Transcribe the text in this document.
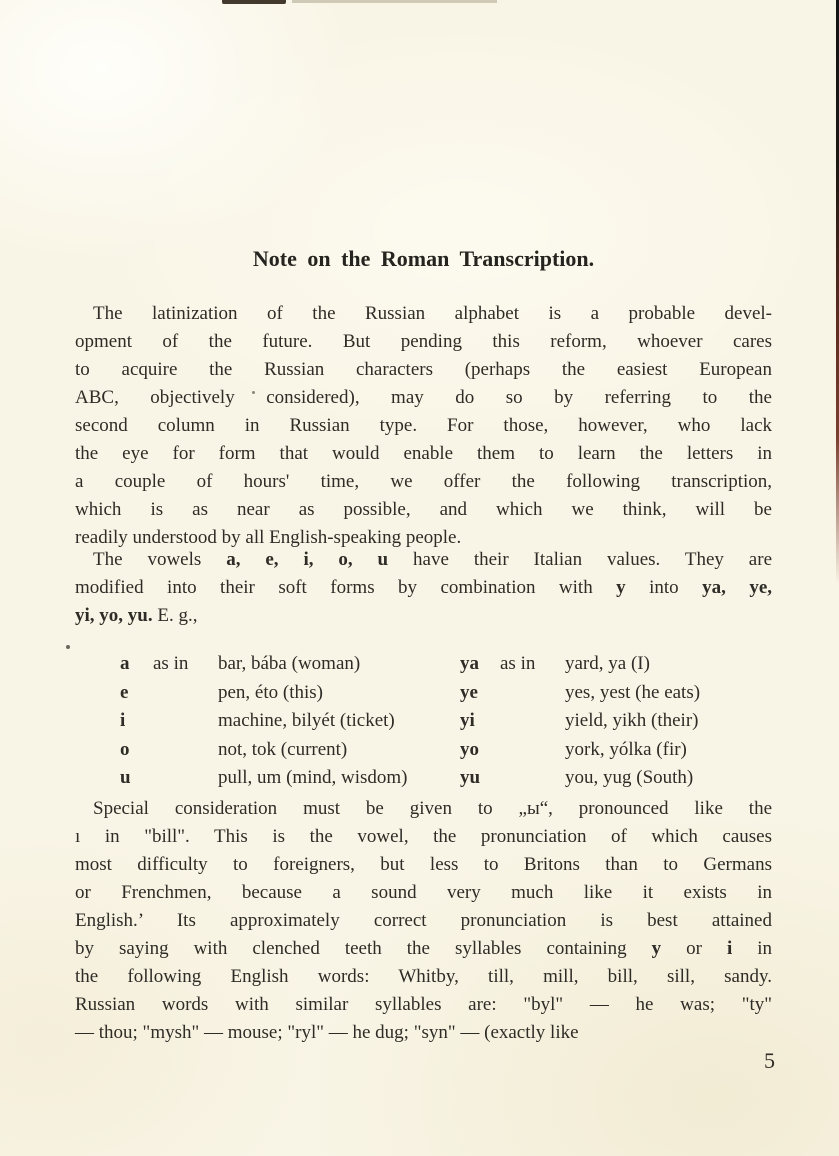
Note on the Roman Transcription.
The latinization of the Russian alphabet is a probable devel-
opment of the future. But pending this reform, whoever cares
to acquire the Russian characters (perhaps the easiest European
ABC, objectively considered), may do so by referring to the
second column in Russian type. For those, however, who lack
the eye for form that would enable them to learn the letters in
a couple of hours' time, we offer the following transcription,
which is as near as possible, and which we think, will be
readily understood by all English-speaking people.
The vowels a, e, i, o, u have their Italian values. They are
modified into their soft forms by combination with y into ya, ye,
yi, yo, yu. E. g.,
a	as in	bar, bába (woman)	ya	as in	yard, ya (I)
e	pen, éto (this)	ye	yes, yest (he eats)
i	machine, bilyét (ticket)	yi	yield, yikh (their)
o	not, tok (current)	yo	york, yólka (fir)
u	pull, um (mind, wisdom)	yu	you, yug (South)
Special consideration must be given to „ы“, pronounced like the
ı in "bill". This is the vowel, the pronunciation of which causes
most difficulty to foreigners, but less to Britons than to Germans
or Frenchmen, because a sound very much like it exists in
English.’ Its approximately correct pronunciation is best attained
by saying with clenched teeth the syllables containing y or i in
the following English words: Whitby, till, mill, bill, sill, sandy.
Russian words with similar syllables are: "byl" — he was; "ty"
— thou; "mysh" — mouse; "ryl" — he dug; "syn" — (exactly like
5
